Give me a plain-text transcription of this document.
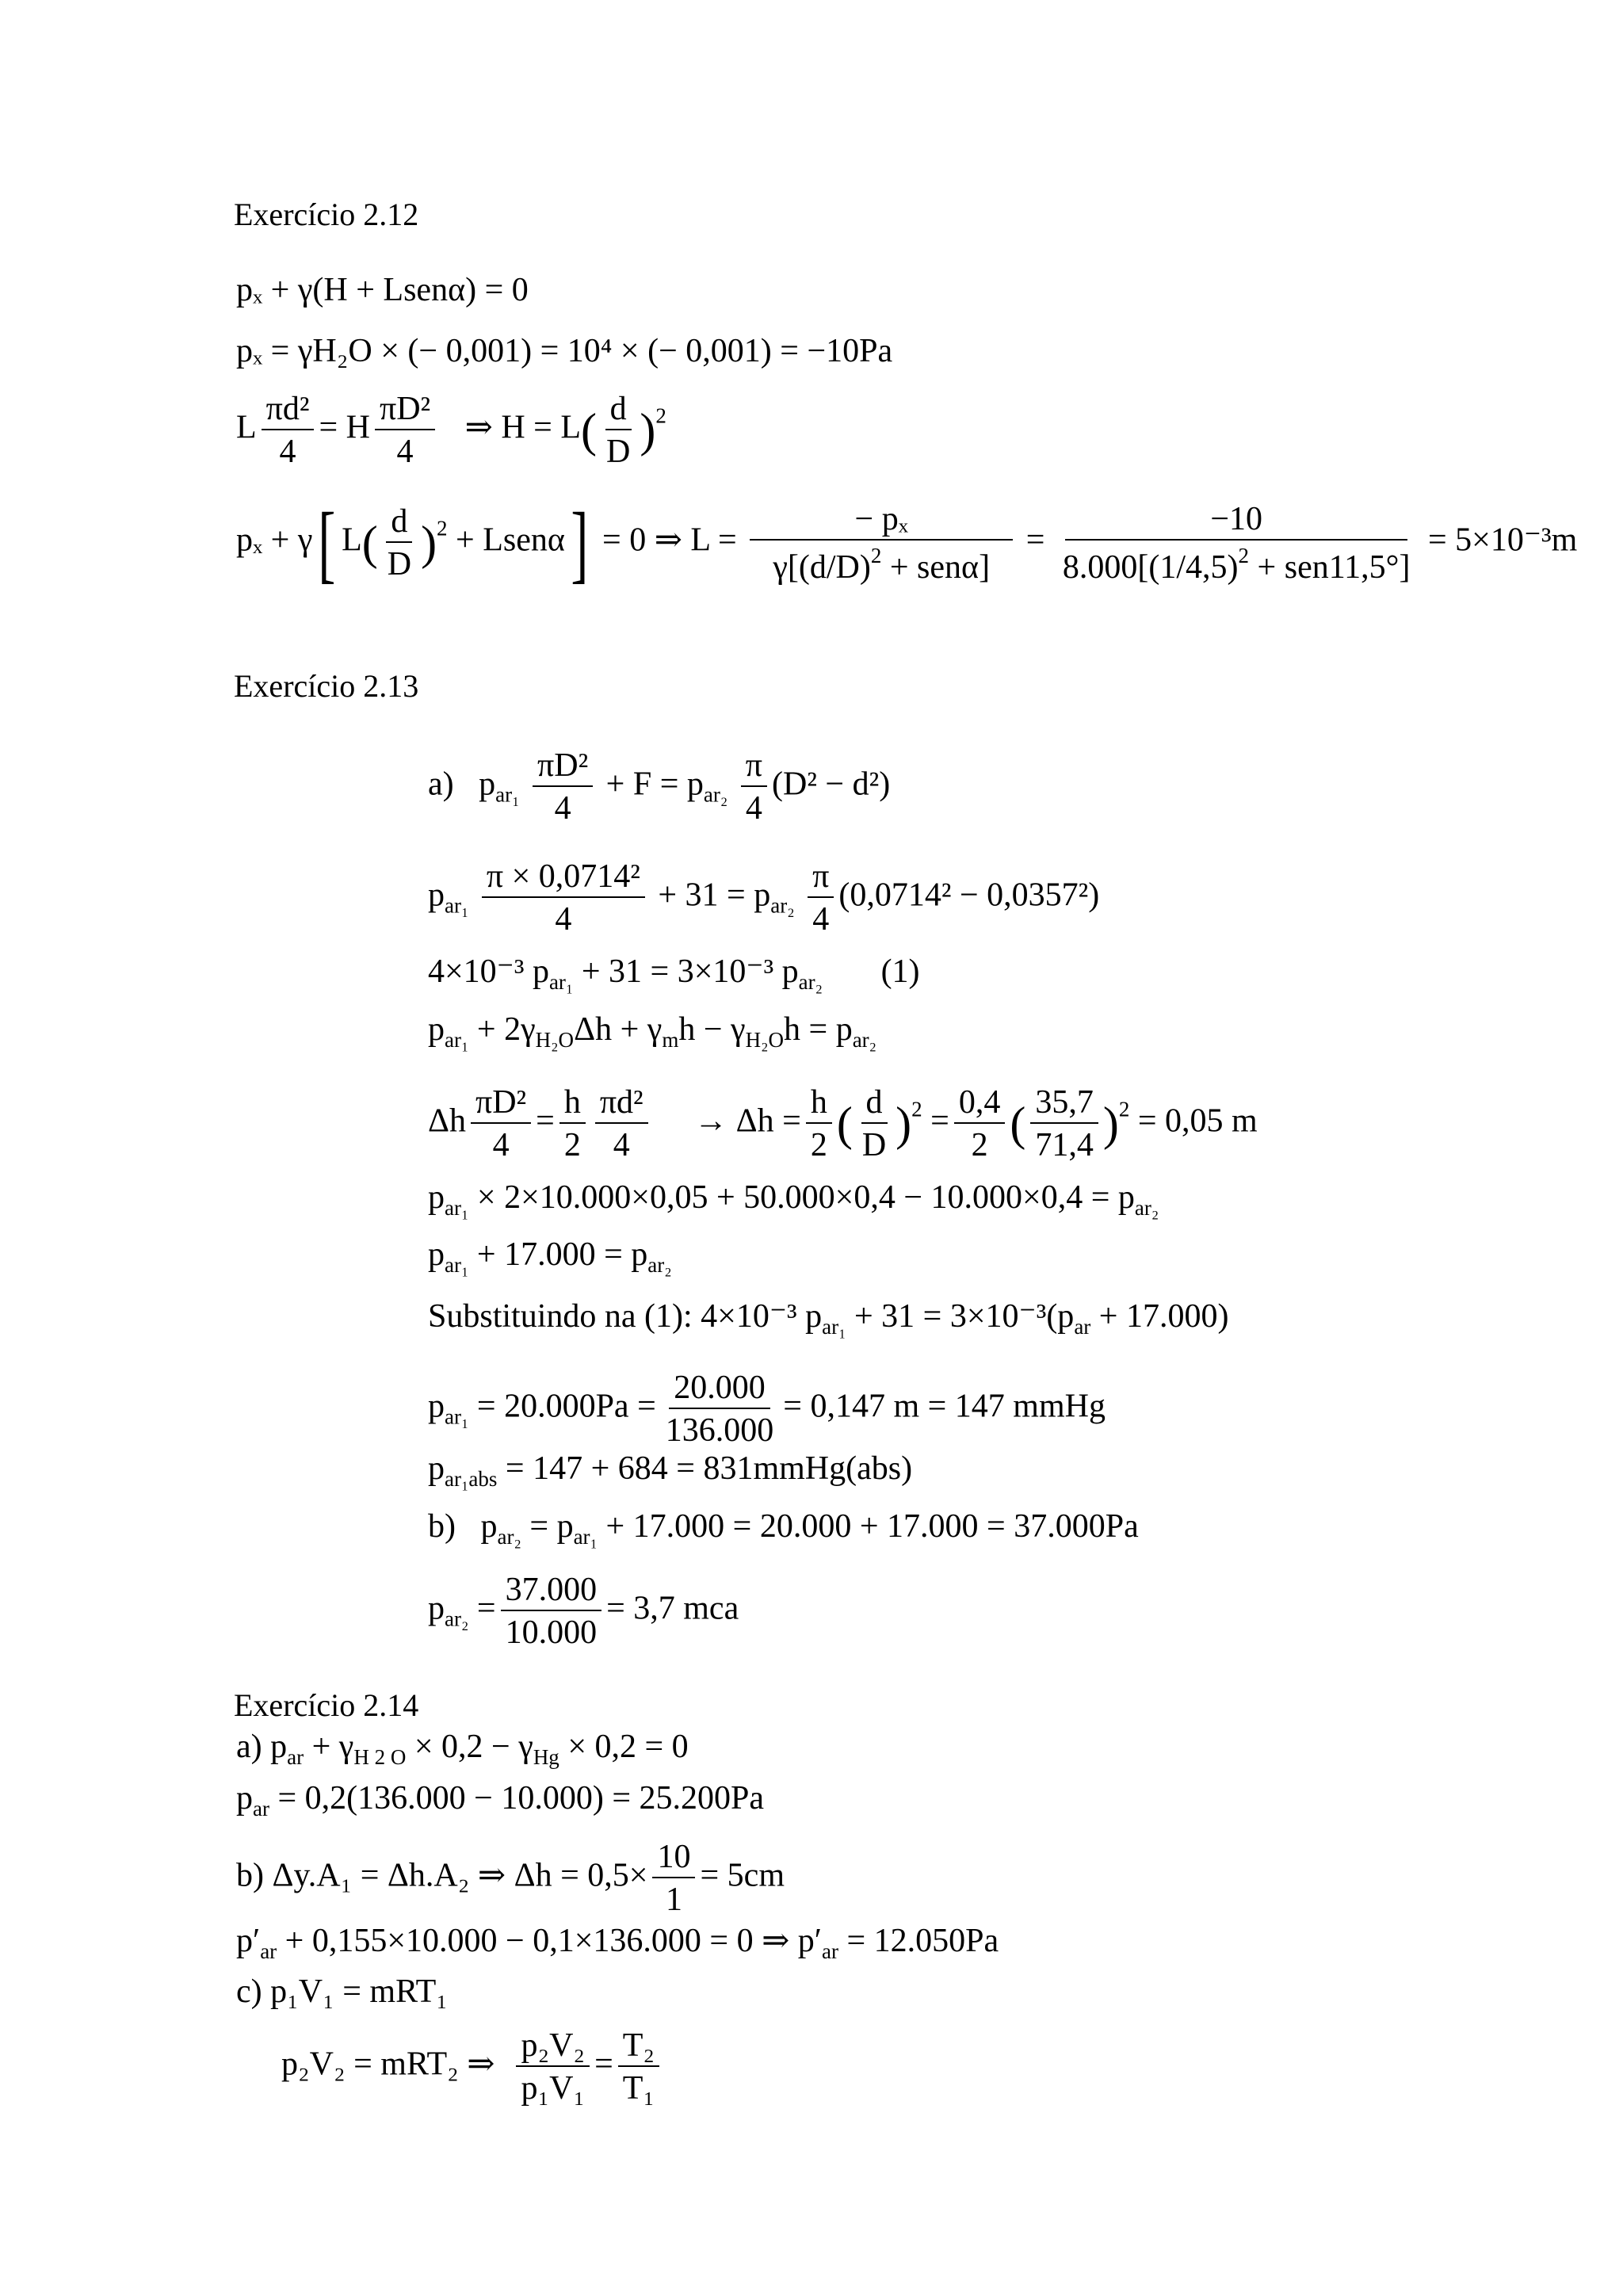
Exercício 2.12
pₓ + γ(H + Lsenα) = 0
pₓ = γH₂O × (− 0,001) = 10⁴ × (− 0,001) = −10Pa
L $\frac{\text{πd²}}{4} = H \frac{\text{πD²}}{4}$ ⇒ $H = L( \frac{d}{D} )^2$
pₓ + γ[ $L( \frac{d}{D} )^2$ + Lsenα] = 0 ⇒ $L = \frac{\text{− pₓ}}{\gamma[(d/D)^2 + sen\alpha]} = \frac{-10}{8.000[(1/4,5)^2 + sen11,5^\circ]} = 5\times 10^{-3}m$
Exercício 2.13
a) $p_{ar_1} \frac{\text{πD²}}{4} + F = p_{ar_2} \frac{\pi}{4} (D^2 - d^2)$
$p_{ar_1} \frac{\text{π × 0,0714²}}{4} + 31 = p_{ar_2} \frac{\pi}{4} (0,0714^2 - 0,0357^2)$
4×10⁻³ $p_{ar_1} + 31 = 3\times 10^{-3}$ $p_{ar_2}$ (1)
$p_{ar_1} + 2\gamma_{H_2O}\Delta h + \gamma_mh - \gamma_{H_2O}h = p_{ar_2}$
Δh $\frac{\text{πD²}}{4} = \frac{h}{2} \frac{\text{πd²}}{4} \to \Delta h = \frac{h}{2}$ ( $\frac{d}{D} )^2 = \frac{0,4}{2}$ ( $\frac{35,7}{71,4} )^2 = 0,05$ m
$p_{ar_1} \times 2\times 10.000\times 0,05 + 50.000\times 0,4 - 10.000\times 0,4 = p_{ar_2}$
$p_{ar_1} + 17.000 = p_{ar_2}$
Substituindo na (1): 4×10⁻³ $p_{ar_1} + 31 = 3\times 10^{-3}(p_{ar} + 17.000)$
$p_{ar_1} = 20.000Pa = \frac{20.000}{136.000} = 0,147$ m = 147 mmHg
$p_{ar_1abs} = 147 + 684$ = 831mmHg(abs)
b) $p_{ar_2} = p_{ar_1} + 17.000 = 20.000 + 17.000 = 37.000Pa$
$p_{ar_2} = \frac{37.000}{10.000} = 3,7$ mca
Exercício 2.14
a) $p_{ar} + \gamma_{H 2 O} \times 0,2 - \gamma_{Hg} \times 0,2 = 0$
$p_{ar} = 0,2(136.000 - 10.000) = 25.200Pa$
b) Δy.A₁ = Δh.A₂ ⇒ $\Delta h = 0,5\times \frac{10}{1} = 5cm$
$p'_{ar} + 0,155\times 10.000 - 0,1\times 136.000 = 0$ ⇒ $p'_{ar} = 12.050Pa$
c) p₁V₁ = mRT₁
p₂V₂ = mRT₂ ⇒ $\frac{\text{p₂V₂}}{\text{p₁V₁}} = \frac{\text{T₂}}{\text{T₁}}$
